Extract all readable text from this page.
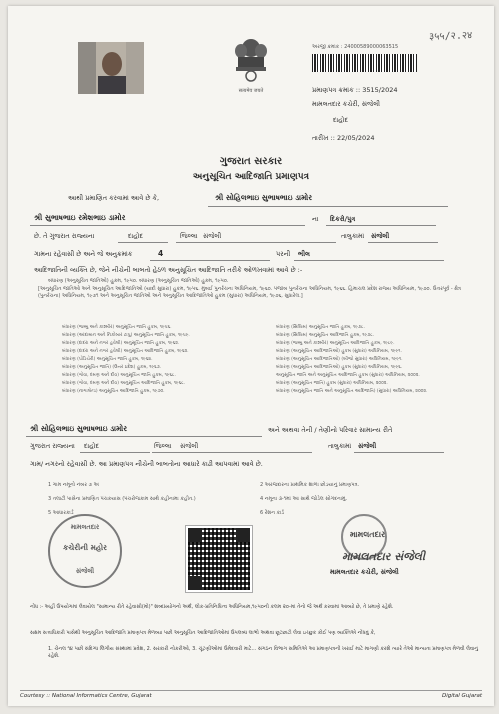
३५५/२.२४
सत्यमेव जयते
અરજી ક્રમાંક : 24000589000063515
પ્રમાણપત્ર ક્રમાંક :: 3515/2024
મામલતદાર કચેરી, સંજેલી
દાહોદ
તારીખ :: 22/05/2024
ગુજરાત સરકાર
અનુસૂચિત આદિજાતિ પ્રમાણપત્ર
આથી પ્રમાણિત કરવામાં આવે છે કે,	શ્રી સોહિલભાઇ સુભાષભાઇ ડામોર
શ્રી સુભાષભાઇ રમેશભાઇ ડામોર	ના દિકરો/પુત્ર
છે. તે ગુજરાત રાજ્યના	દાહોદ	જિલ્લા સંજેલી	તાલુકામાં સંજેલી
ગામના રહેવાસી છે અને જે અનુક્રમાંક	4	પરની ભીલ
આદિજાતિની વ્યક્તિ છે, જેને નીચેની બાબતો હેઠળ અનુસૂચિત આદિજાતિ તરીકે ઓળખવામાં આવે છે :-
બંધારણ (અનુસૂચિત જાતિઓ) હુકમ, ૧૯૫૦. બંધારણ (અનુસૂચિત જાતિઓ) હુકમ, ૧૯૫૦.
[અનુસૂચિત જાતિઓ અને અનુસૂચિત આદિજાતિઓ (યાદી સુધારા) હુકમ, ૧૯૫૬. મુંબઈ પુનર્રચના અધિનિયમ, ૧૯૬૦. પંજાબ પુનર્રચના અધિનિયમ, ૧૯૬૬. હિમાચલ પ્રદેશ રાજ્ય અધિનિયમ, ૧૯૭૦. ઉત્તરપૂર્વ - ક્ષેત્ર (પુનર્રચના) અધિનિયમ, ૧૯૭૧ અને અનુસૂચિત જાતિઓ અને અનુસૂચિત આદિજાતિઓ હુકમ (સુધારા) અધિનિયમ, ૧૯૭૬, સુધારેલ.]
બંધારણ (જમ્મુ અને કાશ્મીર) અનુસૂચિત જાતિ હુકમ, ૧૯૫૬.
બંધારણ (આંદામાન અને નિકોબાર ટાપુ) અનુસૂચિત જાતિ હુકમ, ૧૯૫૯.
બંધારણ (દાદરા અને નગર હવેલી) અનુસૂચિત જાતિ હુકમ, ૧૯૬૨.
બંધારણ (દાદરા અને નગર હવેલી) અનુસૂચિત આદિજાતિ હુકમ, ૧૯૬૨.
બંધારણ (પોંડિચેરી) અનુસૂચિત જાતિ હુકમ, ૧૯૬૪.
બંધારણ (અનુસૂચિત જાતિ) (ઉત્તર પ્રદેશ) હુકમ, ૧૯૬૭.
બંધારણ (ગોવા, દમણ અને દીવ) અનુસૂચિત જાતિ હુકમ, ૧૯૬૮.
બંધારણ (ગોવા, દમણ અને દીવ) અનુસૂચિત આદિજાતિ હુકમ, ૧૯૬૮.
બંધારણ (નાગાલેન્ડ) અનુસૂચિત આદિજાતિ હુકમ, ૧૯૭૦.
બંધારણ (સિક્કિમ) અનુસૂચિત જાતિ હુકમ, ૧૯૭૮.
બંધારણ (સિક્કિમ) અનુસૂચિત આદિજાતિ હુકમ, ૧૯૭૮.
બંધારણ (જમ્મુ અને કાશ્મીર) અનુસૂચિત આદિજાતિ હુકમ, ૧૯૮૯.
બંધારણ (અનુસૂચિત આદિજાતિઓ) હુકમ (સુધારા) અધિનિયમ, ૧૯૯૧.
બંધારણ (અનુસૂચિત આદિજાતિઓ) (બીજો સુધારા) અધિનિયમ, ૧૯૯૧.
બંધારણ (અનુસૂચિત આદિજાતિઓ) હુકમ (સુધારા) અધિનિયમ, ૧૯૯૬.
અનુસૂચિત જાતિ અને અનુસૂચિત આદિજાતિ હુકમ (સુધારા) અધિનિયમ, ૨૦૦૨.
બંધારણ (અનુસૂચિત જાતિ) હુકમ (સુધારા) અધિનિયમ, ૨૦૦૨.
બંધારણ (અનુસૂચિત જાતિ અને અનુસૂચિત આદિજાતિ) (સુધારા) અધિનિયમ, ૨૦૦૨.
શ્રી સોહિલભાઇ સુભાષભાઇ ડામોર	અને અથવા તેની / તેણીનો પરિવાર સામાન્ય રીતે
ગુજરાત રાજ્યના દાહોદ	જિલ્લા સંજેલી	તાલુકામાં સંજેલી
ગામ/ નગરનો રહેવાસી છે. આ પ્રમાણપત્ર નીચેની બાબતોના આધારે કાઢી આપવામાં આવે છે.
1 ગામ નમૂનો નંબર ૭ અ	2 અરજદારના પ્રાથમિક શાળા છોડયાનું પ્રમાણપત્ર.
3 તલાટી પાસેના પ્રમાણિત પંચકયાસ (પંચરોજકામ સાથે કહીનામા કહીત.)	4 નમૂના ૩-૧માં આ સાથે જોડેલ સોગંદનામું.
5 આધારકાર્ડ	6 રેશન કાર્ડ
મામલતદાર
કચેરીની મહોર
સંજેલી
મામલતદાર
મામલતદાર સંજેલી
મામલતદાર કચેરી, સંજેલી
નોંધ :- અહીં ઉપયોગમાં લેવાયેલ "સામાન્ય રીતે રહેવાસી(મો)" શબ્દપ્રયોગનો અર્થ, લોક-પ્રતિનિધિત્વ અધિનિયમ,૧૯૫૦ની કલમ ૨૦-માં તેનો જે અર્થ કરવામાં આવ્યો છે, તે પ્રમાણે રહેશે.
સક્ષમ સત્તાધિકારી પાસેથી અનુસૂચિત આદિજાતિ પ્રમાણપત્ર મેળવ્યા પછી અનુસૂચિત આદિજાતિઓમાં ઉપલબ્ધ લાભો અથવા છૂટછાટો લેવા ઇચ્છુક કોઈ પણ વ્યક્તિએ નોંધવું કે,
1. ચેનલ ૧૪ પછી સંદિગ્ધ લિંગીય સંસ્થામાં પ્રવેશ, 2. સરકારી નોકરીઓ, 3. ચૂંટણીઓમાં ઉમેદવારી માટે... સંગઠન વિભાગ સમિતિએ આ પ્રમાણપત્રની ખરાઈ માટે માગણી કરશે ત્યારે તેઓ માન્યતા પ્રમાણપત્ર મેળવી લેવાનું રહેશે.
Courtesy :: National Informatics Centre, Gujarat	Digital Gujarat
